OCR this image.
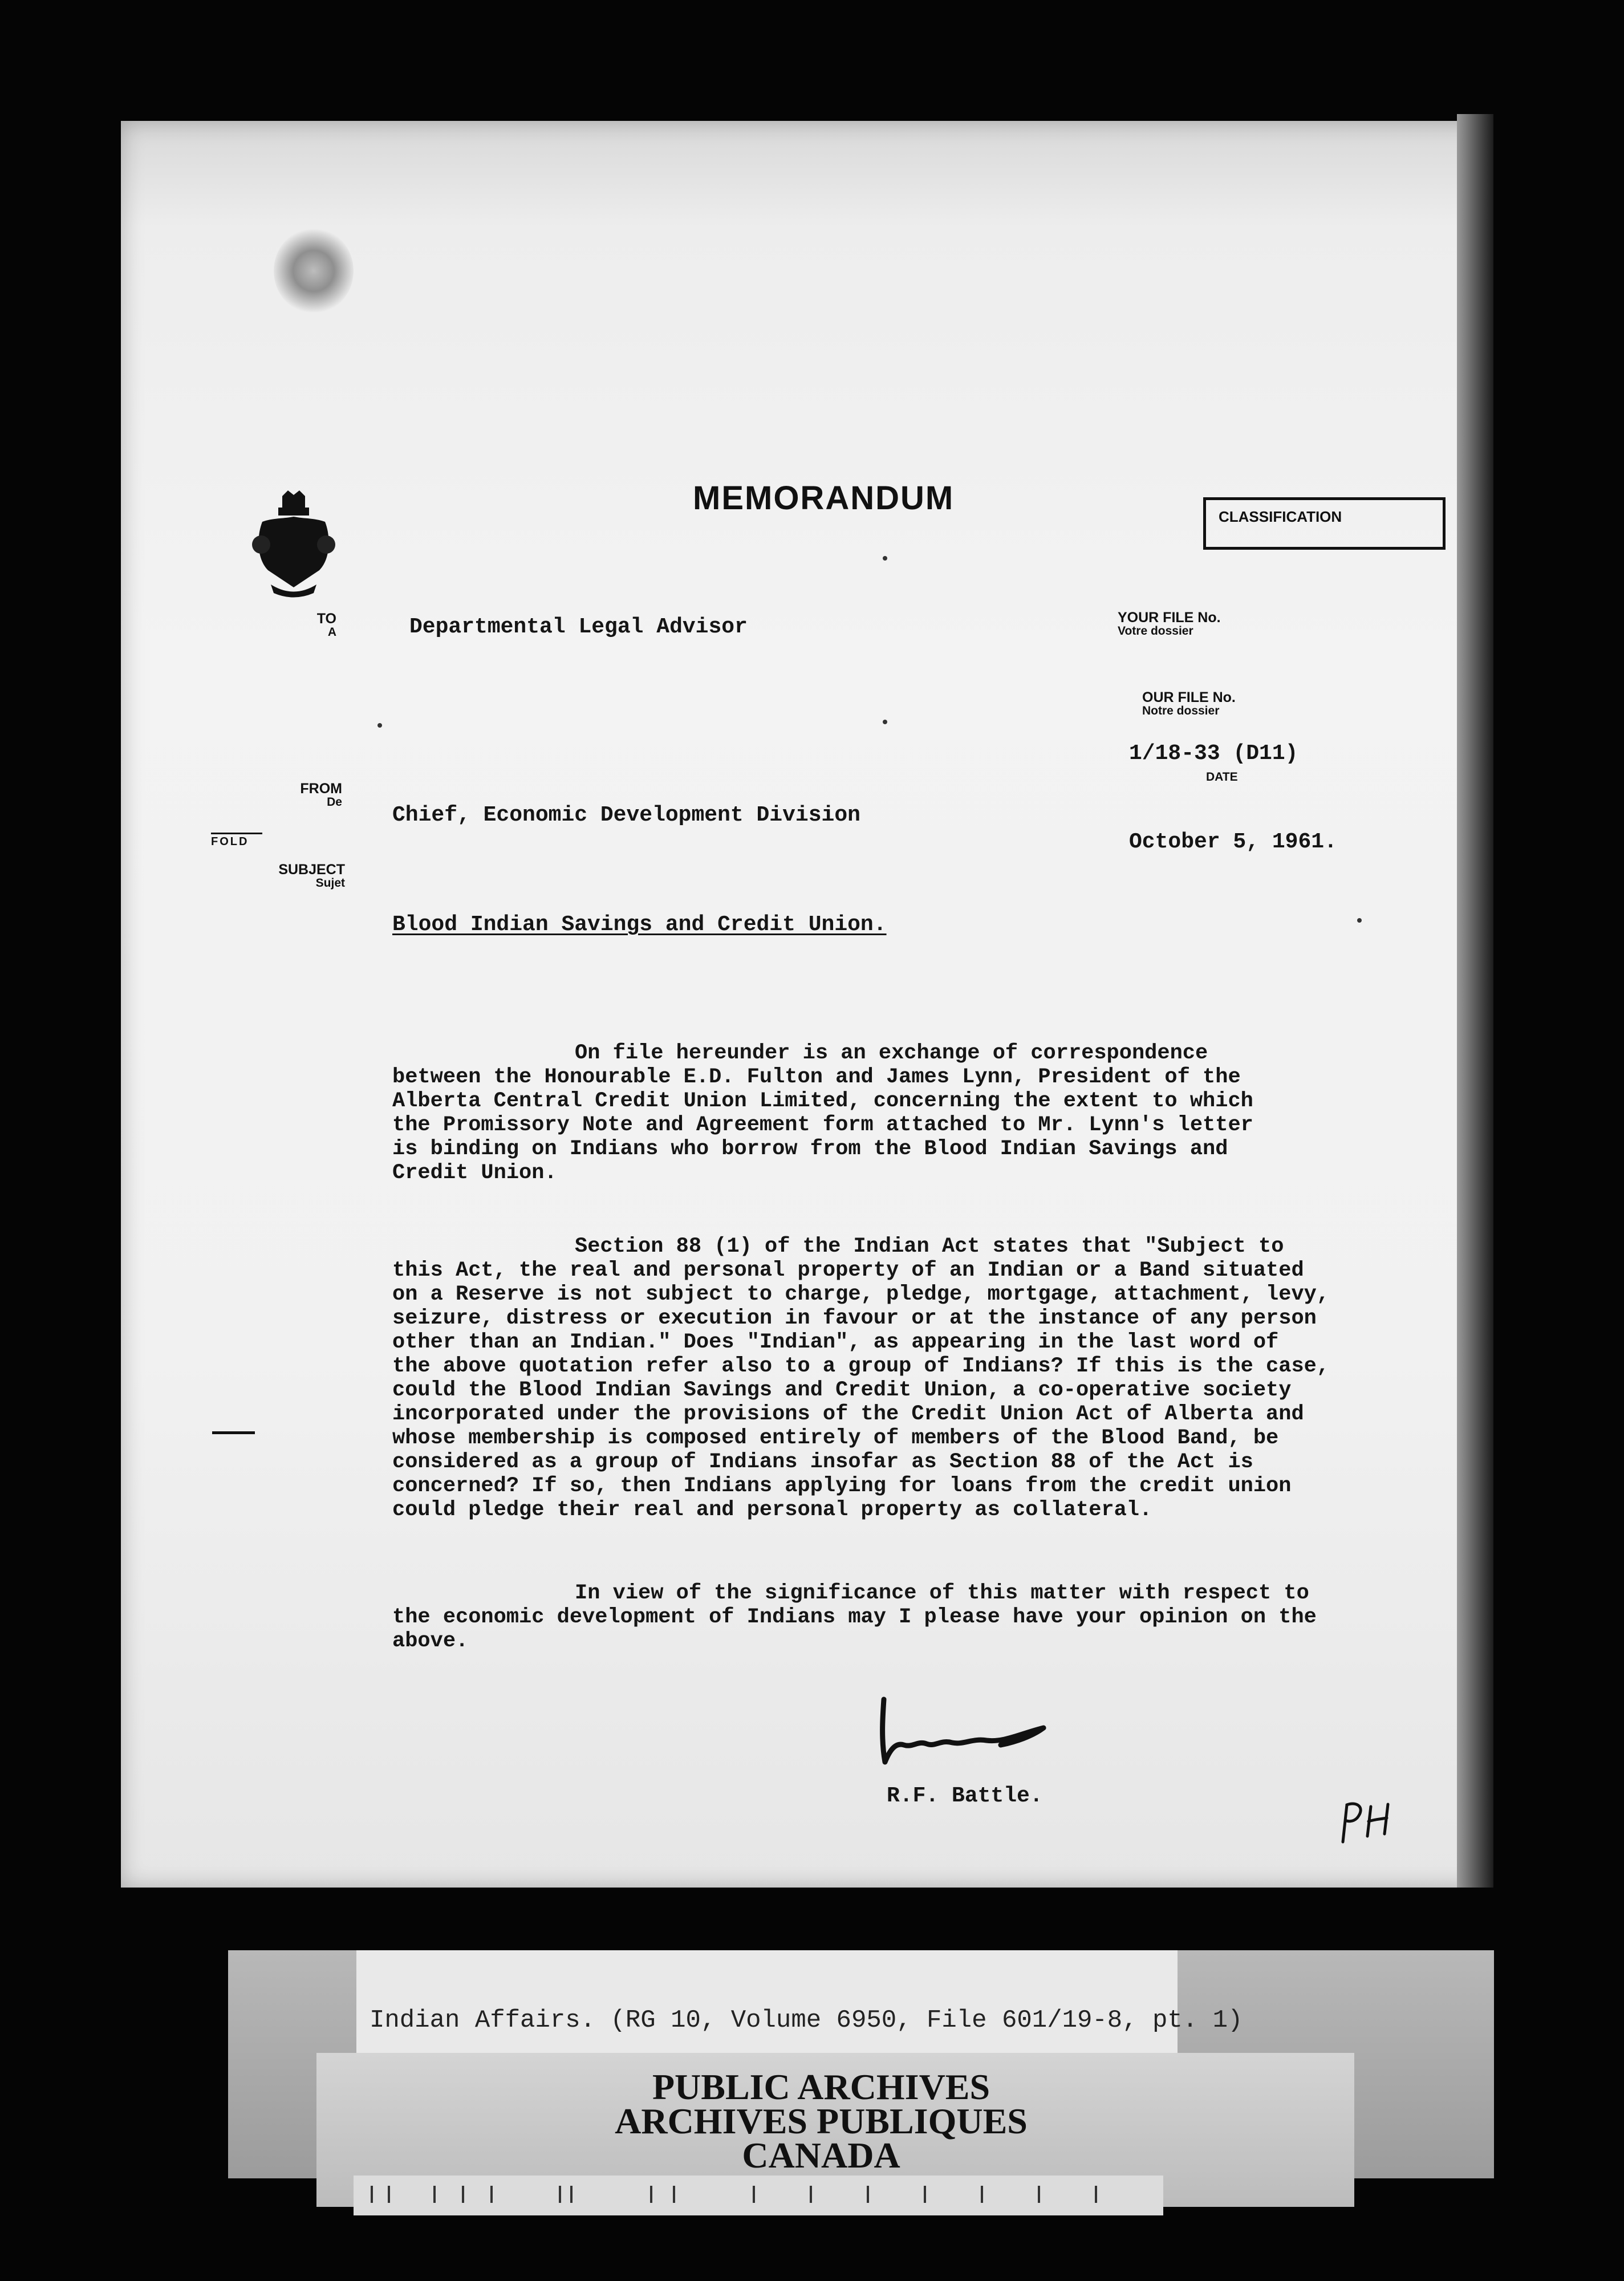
MEMORANDUM	CLASSIFICATION
TO
A	Departmental Legal Advisor	YOUR FILE No.
Votre dossier
OUR FILE No.
Notre dossier
1/18-33 (D11)
DATE
FROM
De
Chief, Economic Development Division
October 5, 1961.
FOLD
SUBJECT
Sujet
Blood Indian Savings and Credit Union.
On file hereunder is an exchange of correspondence
between the Honourable E.D. Fulton and James Lynn, President of the
Alberta Central Credit Union Limited, concerning the extent to which
the Promissory Note and Agreement form attached to Mr. Lynn's letter
is binding on Indians who borrow from the Blood Indian Savings and
Credit Union.
Section 88 (1) of the Indian Act states that "Subject to
this Act, the real and personal property of an Indian or a Band situated
on a Reserve is not subject to charge, pledge, mortgage, attachment, levy,
seizure, distress or execution in favour or at the instance of any person
other than an Indian." Does "Indian", as appearing in the last word of
the above quotation refer also to a group of Indians? If this is the case,
could the Blood Indian Savings and Credit Union, a co-operative society
incorporated under the provisions of the Credit Union Act of Alberta and
whose membership is composed entirely of members of the Blood Band, be
considered as a group of Indians insofar as Section 88 of the Act is
concerned? If so, then Indians applying for loans from the credit union
could pledge their real and personal property as collateral.
In view of the significance of this matter with respect to
the economic development of Indians may I please have your opinion on the
above.
R.F. Battle.
Indian Affairs. (RG 10, Volume 6950, File 601/19-8, pt. 1)
PUBLIC ARCHIVES
ARCHIVES PUBLIQUES
CANADA
